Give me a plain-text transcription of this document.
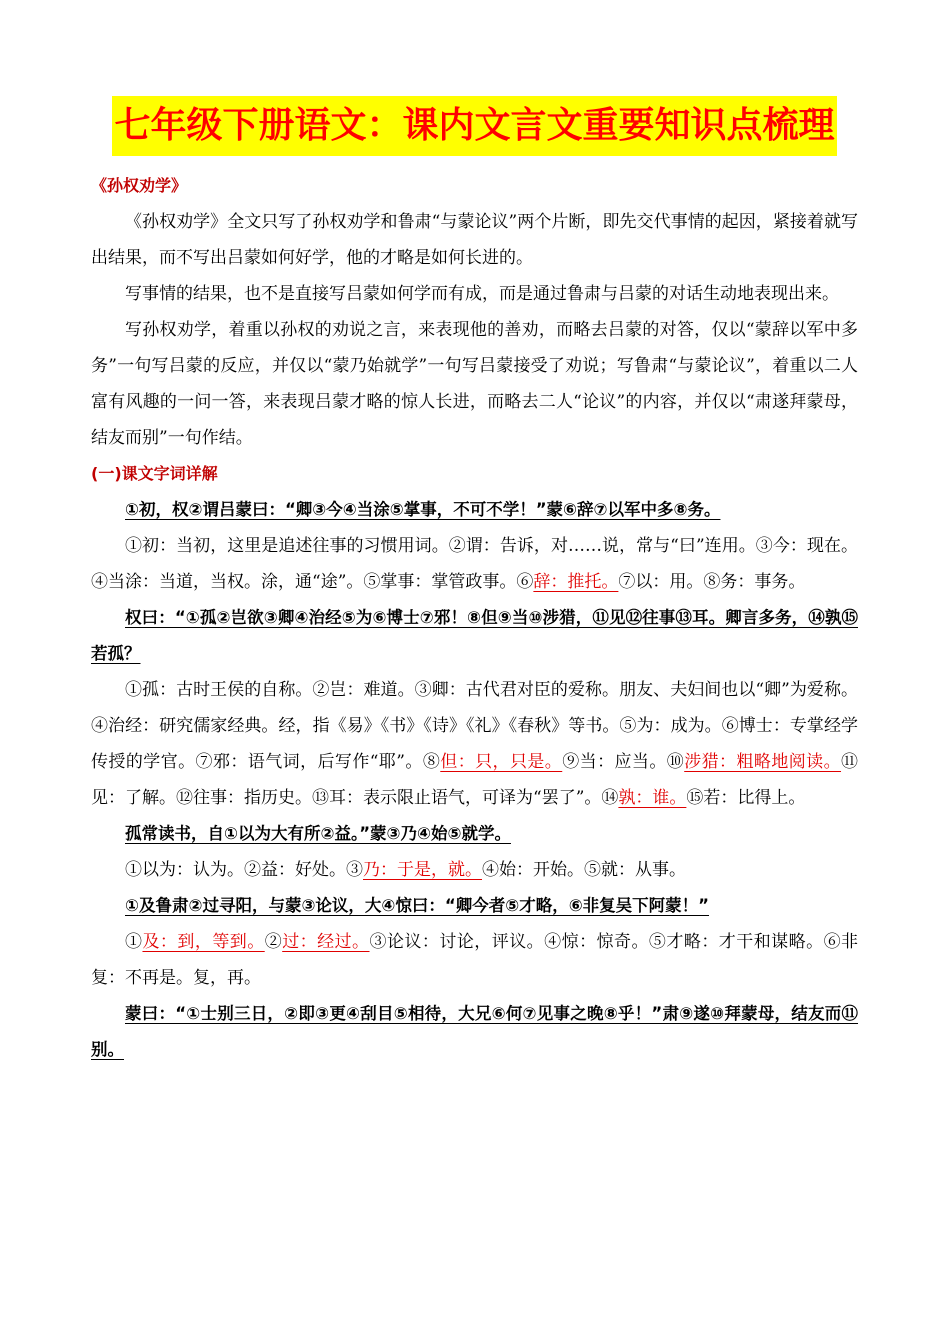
七年级下册语文：课内文言文重要知识点梳理
《孙权劝学》

《孙权劝学》全文只写了孙权劝学和鲁肃“与蒙论议”两个片断，即先交代事情的起因，紧接着就写出结果，而不写出吕蒙如何好学，他的才略是如何长进的。

写事情的结果，也不是直接写吕蒙如何学而有成，而是通过鲁肃与吕蒙的对话生动地表现出来。

写孙权劝学，着重以孙权的劝说之言，来表现他的善劝，而略去吕蒙的对答，仅以“蒙辞以军中多务”一句写吕蒙的反应，并仅以“蒙乃始就学”一句写吕蒙接受了劝说；写鲁肃“与蒙论议”，着重以二人富有风趣的一问一答，来表现吕蒙才略的惊人长进，而略去二人“论议”的内容，并仅以“肃遂拜蒙母，结友而别”一句作结。

(一)课文字词详解

①初，权②谓吕蒙曰：“卿③今④当涂⑤掌事，不可不学！”蒙⑥辞⑦以军中多⑧务。

①初：当初，这里是追述往事的习惯用词。②谓：告诉，对……说，常与“曰”连用。③今：现在。④当涂：当道，当权。涂，通“途”。⑤掌事：掌管政事。⑥辞：推托。⑦以：用。⑧务：事务。

权曰：“①孤②岂欲③卿④治经⑤为⑥博士⑦邪！⑧但⑨当⑩涉猎，⑪见⑫往事⑬耳。卿言多务，⑭孰⑮若孤？

①孤：古时王侯的自称。②岂：难道。③卿：古代君对臣的爱称。朋友、夫妇间也以“卿”为爱称。④治经：研究儒家经典。经，指《易》《书》《诗》《礼》《春秋》等书。⑤为：成为。⑥博士：专掌经学传授的学官。⑦邪：语气词，后写作“耶”。⑧但：只，只是。⑨当：应当。⑩涉猎：粗略地阅读。⑪见：了解。⑫往事：指历史。⑬耳：表示限止语气，可译为“罢了”。⑭孰：谁。⑮若：比得上。

孤常读书，自①以为大有所②益。”蒙③乃④始⑤就学。

①以为：认为。②益：好处。③乃：于是，就。④始：开始。⑤就：从事。

①及鲁肃②过寻阳，与蒙③论议，大④惊曰：“卿今者⑤才略，⑥非复吴下阿蒙！”

①及：到，等到。②过：经过。③论议：讨论，评议。④惊：惊奇。⑤才略：才干和谋略。⑥非复：不再是。复，再。

蒙曰：“①士别三日，②即③更④刮目⑤相待，大兄⑥何⑦见事之晚⑧乎！”肃⑨遂⑩拜蒙母，结友而⑪别。
